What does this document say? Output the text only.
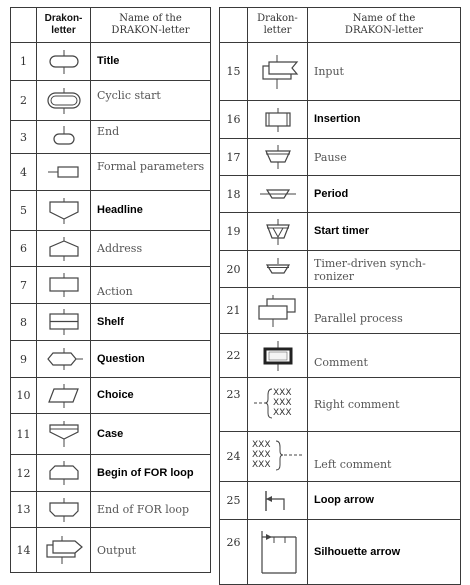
	Drakon-
letter	Name of the
DRAKON-letter
1		Title
2		Cyclic start
3		End
4		Formal parameters
5		Headline
6		Address
7		Action
8		Shelf
9		Question
10		Choice
11		Case
12		Begin of FOR loop
13		End of FOR loop
14		Output
	Drakon-
letter	Name of the
DRAKON-letter
15		Input
16		Insertion
17		Pause
18		Period
19		Start timer
20		Timer-driven synch-
ronizer
21		Parallel process
22		Comment
23	XXX
XXX
XXX	Right comment
24	XXX
XXX
XXX	Left comment
25		Loop arrow
26		Silhouette arrow
